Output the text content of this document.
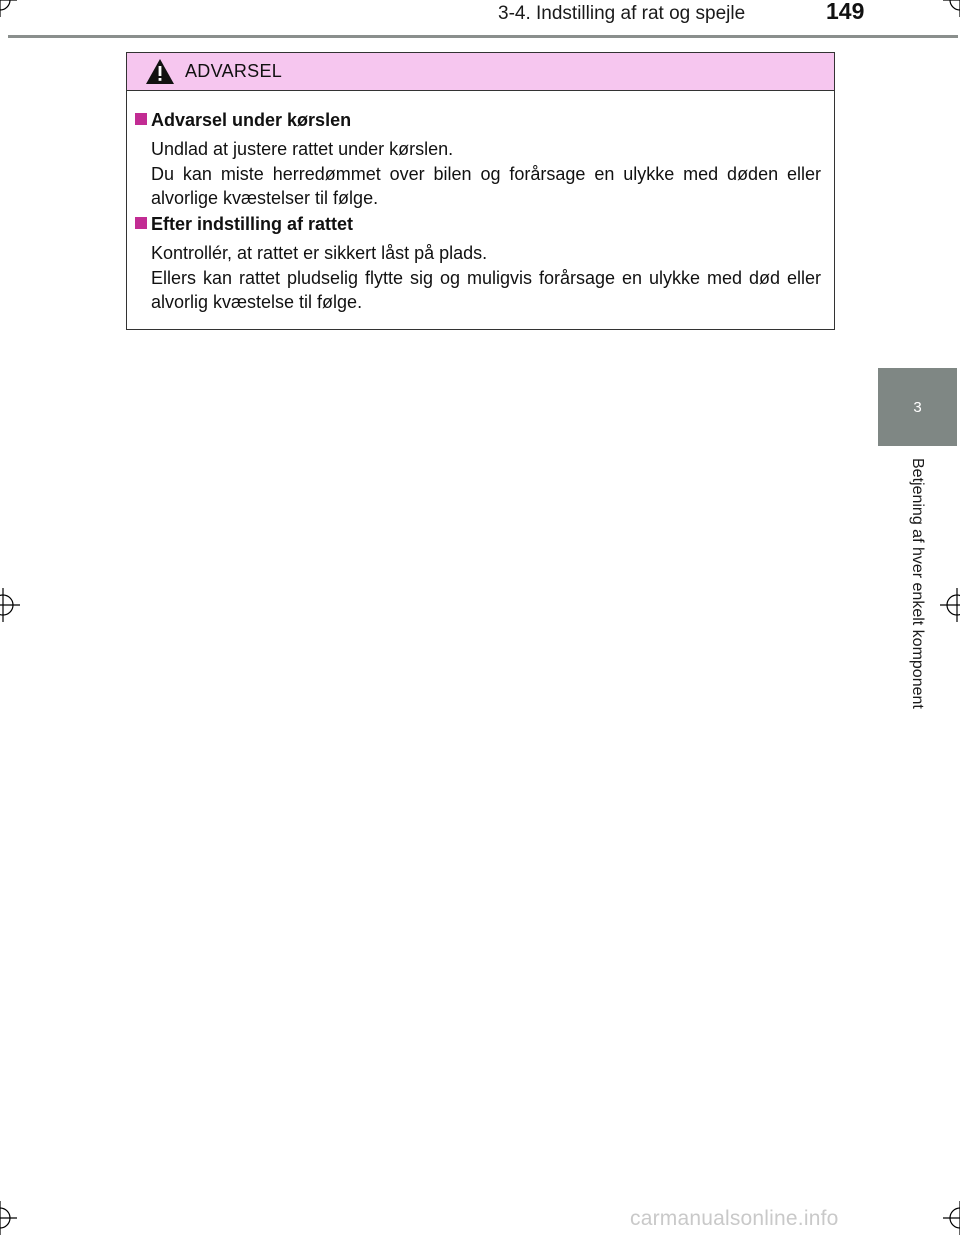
3-4. Indstilling af rat og spejle	149
3
Betjening af hver enkelt komponent
ADVARSEL
Advarsel under kørslen

Undlad at justere rattet under kørslen.

Du kan miste herredømmet over bilen og forårsage en ulykke med døden eller alvorlige kvæstelser til følge.

Efter indstilling af rattet

Kontrollér, at rattet er sikkert låst på plads.

Ellers kan rattet pludselig flytte sig og muligvis forårsage en ulykke med død eller alvorlig kvæstelse til følge.

carmanualsonline.info
